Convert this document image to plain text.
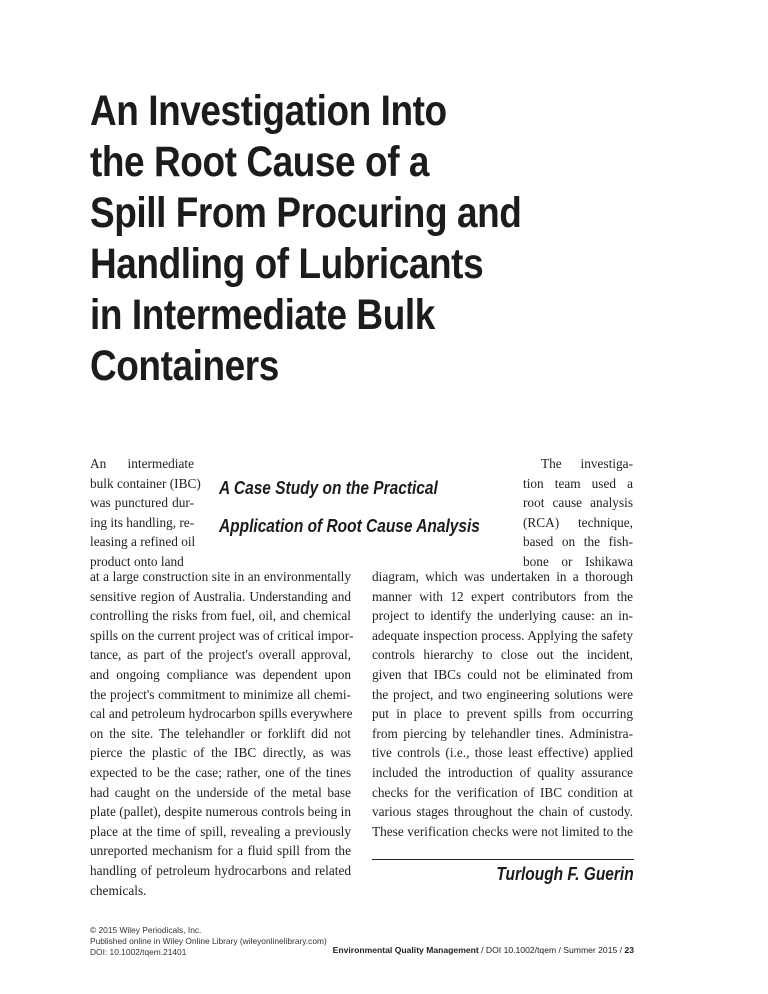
An Investigation Into
the Root Cause of a
Spill From Procuring and
Handling of Lubricants
in Intermediate Bulk
Containers
An intermediate
bulk container (IBC)
was punctured dur-
ing its handling, re-
leasing a refined oil
product onto land
A Case Study on the Practical
Application of Root Cause Analysis
The investiga-
tion team used a
root cause analysis
(RCA) technique,
based on the fish-
bone or Ishikawa
at a large construction site in an environmentally
sensitive region of Australia. Understanding and
controlling the risks from fuel, oil, and chemical
spills on the current project was of critical impor-
tance, as part of the project's overall approval,
and ongoing compliance was dependent upon
the project's commitment to minimize all chemi-
cal and petroleum hydrocarbon spills everywhere
on the site. The telehandler or forklift did not
pierce the plastic of the IBC directly, as was
expected to be the case; rather, one of the tines
had caught on the underside of the metal base
plate (pallet), despite numerous controls being in
place at the time of spill, revealing a previously
unreported mechanism for a fluid spill from the
handling of petroleum hydrocarbons and related
chemicals.
diagram, which was undertaken in a thorough
manner with 12 expert contributors from the
project to identify the underlying cause: an in-
adequate inspection process. Applying the safety
controls hierarchy to close out the incident,
given that IBCs could not be eliminated from
the project, and two engineering solutions were
put in place to prevent spills from occurring
from piercing by telehandler tines. Administra-
tive controls (i.e., those least effective) applied
included the introduction of quality assurance
checks for the verification of IBC condition at
various stages throughout the chain of custody.
These verification checks were not limited to the
Turlough F. Guerin
© 2015 Wiley Periodicals, Inc.
Published online in Wiley Online Library (wileyonlinelibrary.com)
DOI: 10.1002/tqem.21401	Environmental Quality Management / DOI 10.1002/tqem / Summer 2015 / 23
